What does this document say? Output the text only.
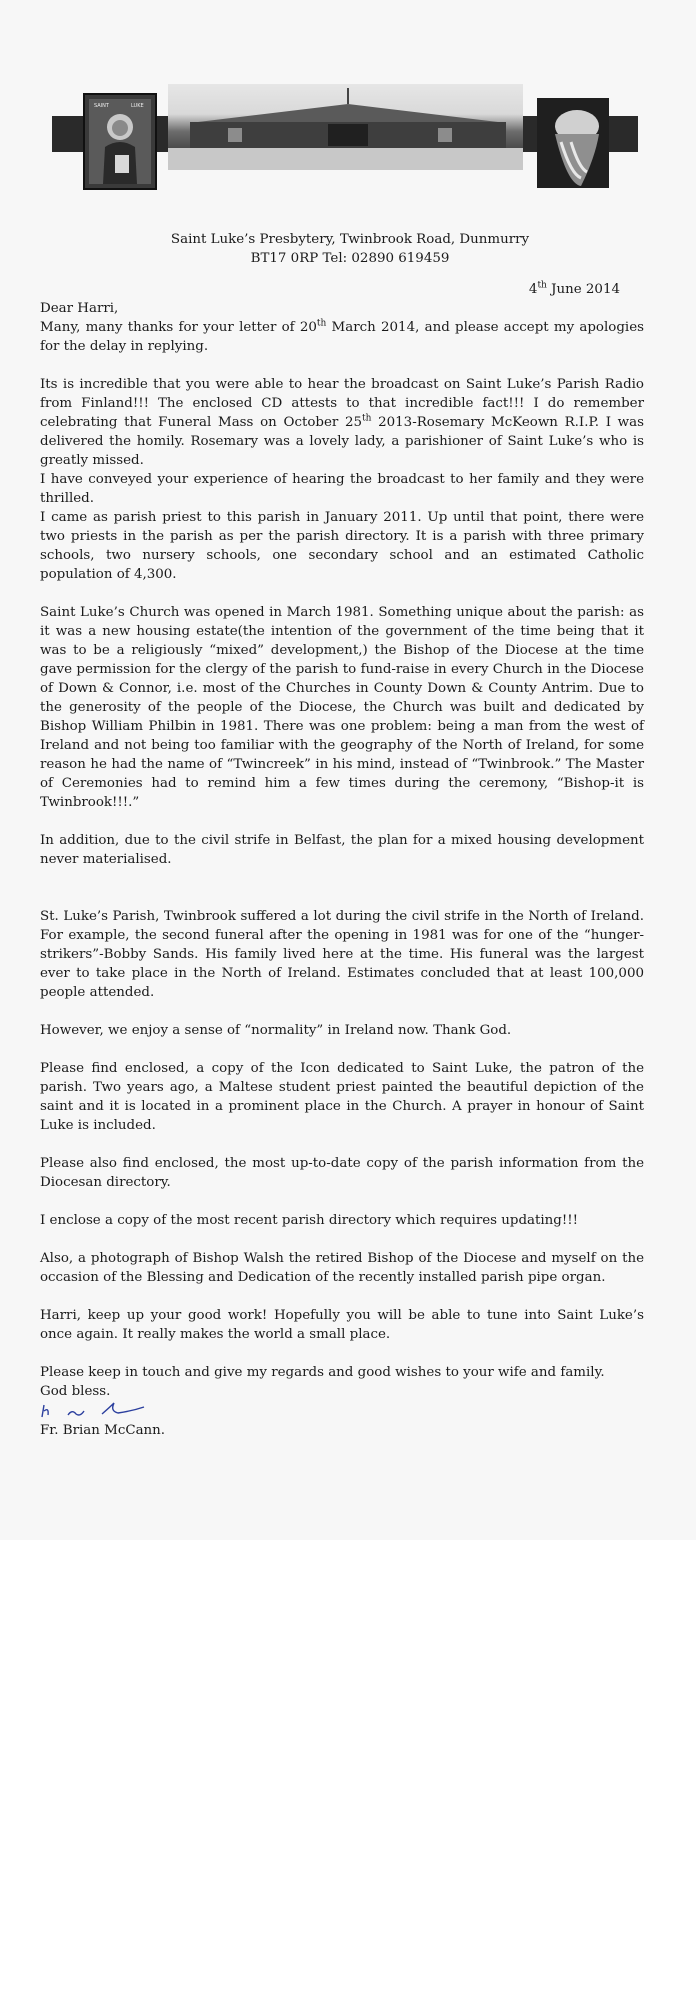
SAINT	LUKE
Saint Luke’s Presbytery, Twinbrook Road, Dunmurry
BT17 0RP Tel: 02890 619459
4th June 2014

Dear Harri,

Many, many thanks for your letter of 20th March 2014, and please accept my apologies for the delay in replying.

Its is incredible that you were able to hear the broadcast on Saint Luke’s Parish Radio from Finland!!! The enclosed CD attests to that incredible fact!!! I do remember celebrating that Funeral Mass on October 25th 2013-Rosemary McKeown R.I.P. I was delivered the homily. Rosemary was a lovely lady, a parishioner of Saint Luke’s who is greatly missed.

I have conveyed your experience of hearing the broadcast to her family and they were thrilled.

I came as parish priest to this parish in January 2011. Up until that point, there were two priests in the parish as per the parish directory. It is a parish with three primary schools, two nursery schools, one secondary school and an estimated Catholic population of 4,300.

Saint Luke’s Church was opened in March 1981. Something unique about the parish: as it was a new housing estate(the intention of the government of the time being that it was to be a religiously “mixed” development,) the Bishop of the Diocese at the time gave permission for the clergy of the parish to fund-raise in every Church in the Diocese of Down & Connor, i.e. most of the Churches in County Down & County Antrim. Due to the generosity of the people of the Diocese, the Church was built and dedicated by Bishop William Philbin in 1981. There was one problem: being a man from the west of Ireland and not being too familiar with the geography of the North of Ireland, for some reason he had the name of “Twincreek” in his mind, instead of “Twinbrook.” The Master of Ceremonies had to remind him a few times during the ceremony, “Bishop-it is Twinbrook!!!.”

In addition, due to the civil strife in Belfast, the plan for a mixed housing development never materialised.

St. Luke’s Parish, Twinbrook suffered a lot during the civil strife in the North of Ireland. For example, the second funeral after the opening in 1981 was for one of the “hunger-strikers”-Bobby Sands. His family lived here at the time. His funeral was the largest ever to take place in the North of Ireland. Estimates concluded that at least 100,000 people attended.

However, we enjoy a sense of “normality” in Ireland now. Thank God.

Please find enclosed, a copy of the Icon dedicated to Saint Luke, the patron of the parish. Two years ago, a Maltese student priest painted the beautiful depiction of the saint and it is located in a prominent place in the Church. A prayer in honour of Saint Luke is included.

Please also find enclosed, the most up-to-date copy of the parish information from the Diocesan directory.

I enclose a copy of the most recent parish directory which requires updating!!!

Also, a photograph of Bishop Walsh the retired Bishop of the Diocese and myself on the occasion of the Blessing and Dedication of the recently installed parish pipe organ.

Harri, keep up your good work! Hopefully you will be able to tune into Saint Luke’s once again. It really makes the world a small place.

Please keep in touch and give my regards and good wishes to your wife and family.

God bless.

Fr. Brian McCann.
